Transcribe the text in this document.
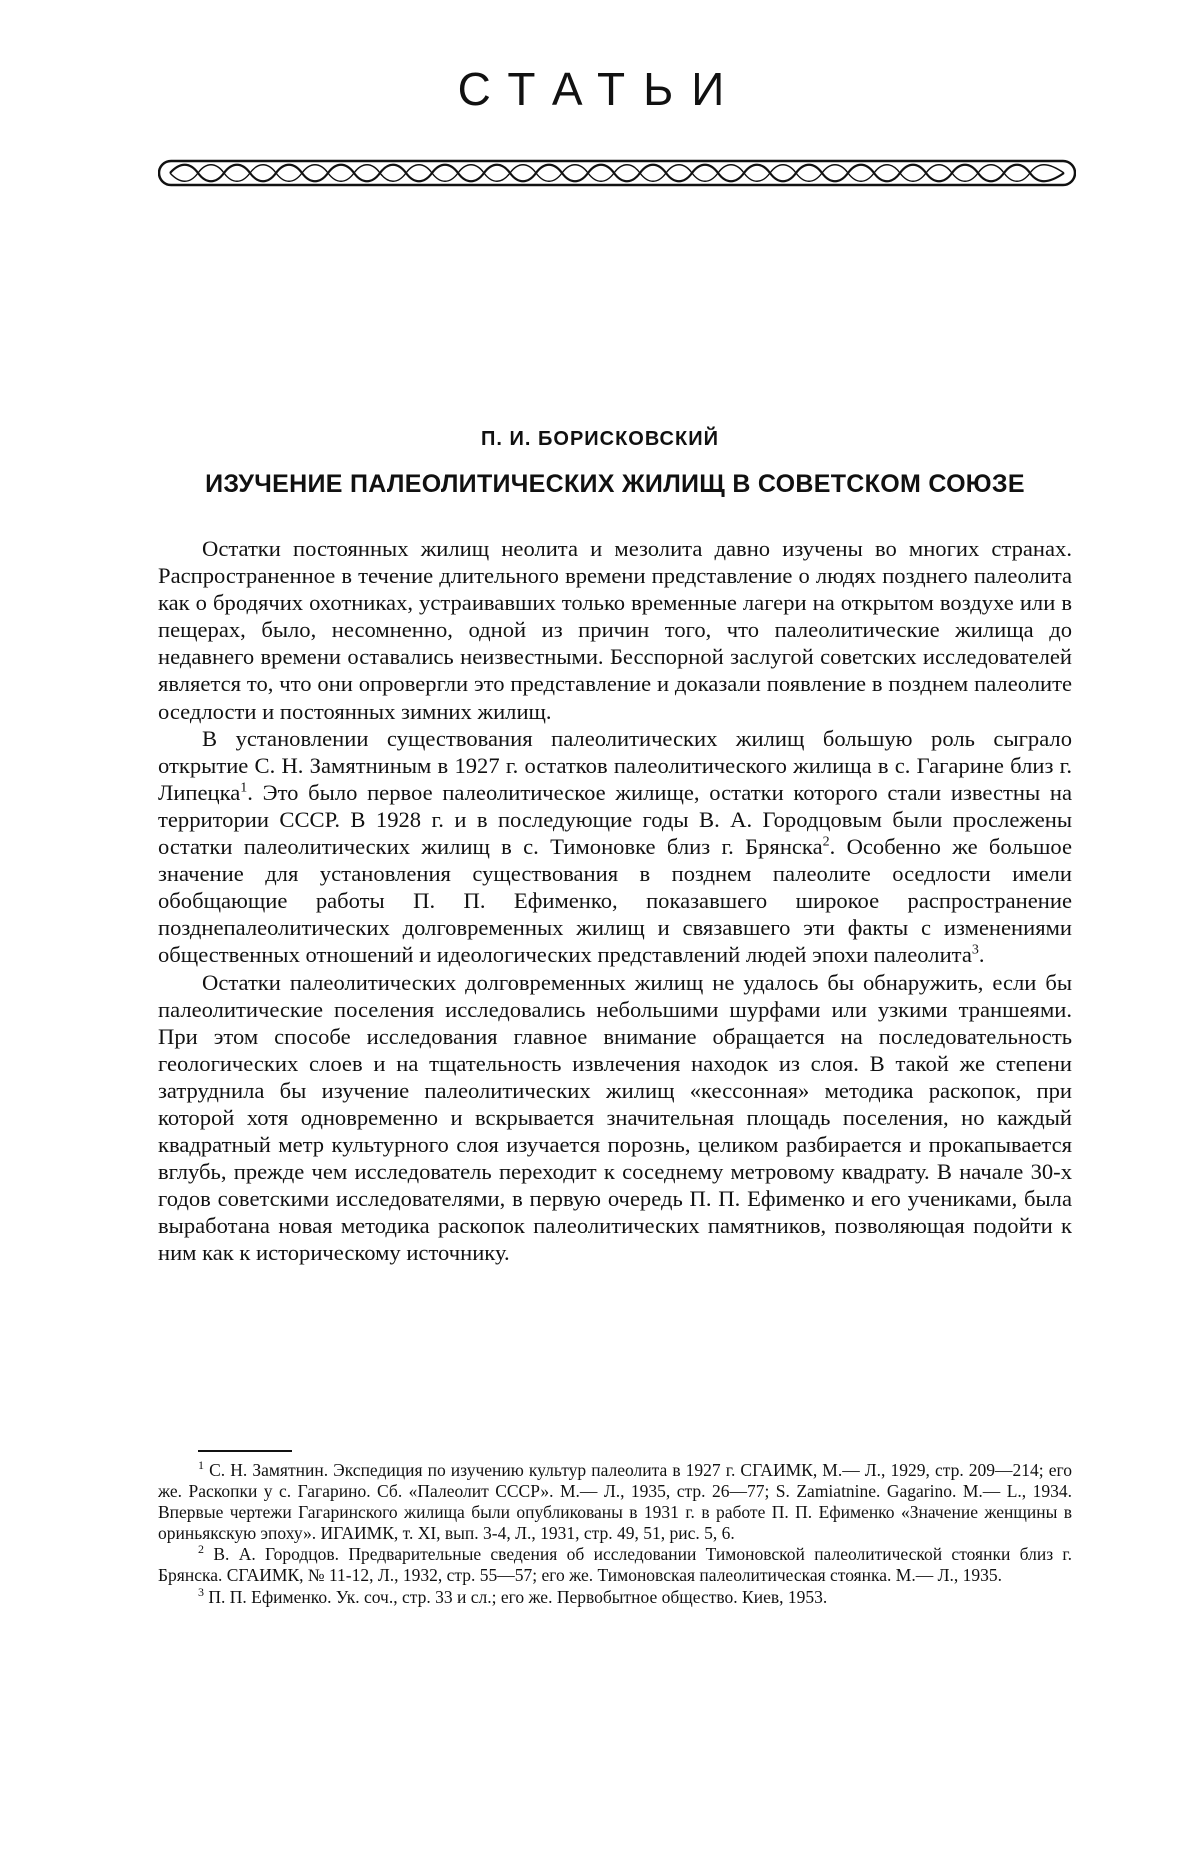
СТАТЬИ
П. И. БОРИСКОВСКИЙ
ИЗУЧЕНИЕ ПАЛЕОЛИТИЧЕСКИХ ЖИЛИЩ В СОВЕТСКОМ СОЮЗЕ

Остатки постоянных жилищ неолита и мезолита давно изучены во многих странах. Распространенное в течение длительного времени представление о людях позднего палеолита как о бродячих охотниках, устраивавших только временные лагери на открытом воздухе или в пещерах, было, несомненно, одной из причин того, что палеолитические жилища до недавнего времени оставались неизвестными. Бесспорной заслугой советских исследователей является то, что они опровергли это представление и доказали появление в позднем палеолите оседлости и постоянных зимних жилищ.

В установлении существования палеолитических жилищ большую роль сыграло открытие С. Н. Замятниным в 1927 г. остатков палеолитического жилища в с. Гагарине близ г. Липецка$^1$. Это было первое палеолитическое жилище, остатки которого стали известны на территории СССР. В 1928 г. и в последующие годы В. А. Городцовым были прослежены остатки палеолитических жилищ в с. Тимоновке близ г. Брянска$^2$. Особенно же большое значение для установления существования в позднем палеолите оседлости имели обобщающие работы П. П. Ефименко, показавшего широкое распространение позднепалеолитических долговременных жилищ и связавшего эти факты с изменениями общественных отношений и идеологических представлений людей эпохи палеолита$^3$.

Остатки палеолитических долговременных жилищ не удалось бы обнаружить, если бы палеолитические поселения исследовались небольшими шурфами или узкими траншеями. При этом способе исследования главное внимание обращается на последовательность геологических слоев и на тщательность извлечения находок из слоя. В такой же степени затруднила бы изучение палеолитических жилищ «кессонная» методика раскопок, при которой хотя одновременно и вскрывается значительная площадь поселения, но каждый квадратный метр культурного слоя изучается порознь, целиком разбирается и прокапывается вглубь, прежде чем исследователь переходит к соседнему метровому квадрату. В начале 30-х годов советскими исследователями, в первую очередь П. П. Ефименко и его учениками, была выработана новая методика раскопок палеолитических памятников, позволяющая подойти к ним как к историческому источнику.

$^1$ С. Н. Замятнин. Экспедиция по изучению культур палеолита в 1927 г. СГАИМК, М.— Л., 1929, стр. 209—214; его же. Раскопки у с. Гагарино. Сб. «Палеолит СССР». М.— Л., 1935, стр. 26—77; S. Zamiatnine. Gagarino. M.— L., 1934. Впервые чертежи Гагаринского жилища были опубликованы в 1931 г. в работе П. П. Ефименко «Значение женщины в ориньякскую эпоху». ИГАИМК, т. XI, вып. 3-4, Л., 1931, стр. 49, 51, рис. 5, 6.

$^2$ В. А. Городцов. Предварительные сведения об исследовании Тимоновской палеолитической стоянки близ г. Брянска. СГАИМК, № 11-12, Л., 1932, стр. 55—57; его же. Тимоновская палеолитическая стоянка. М.— Л., 1935.

$^3$ П. П. Ефименко. Ук. соч., стр. 33 и сл.; его же. Первобытное общество. Киев, 1953.
